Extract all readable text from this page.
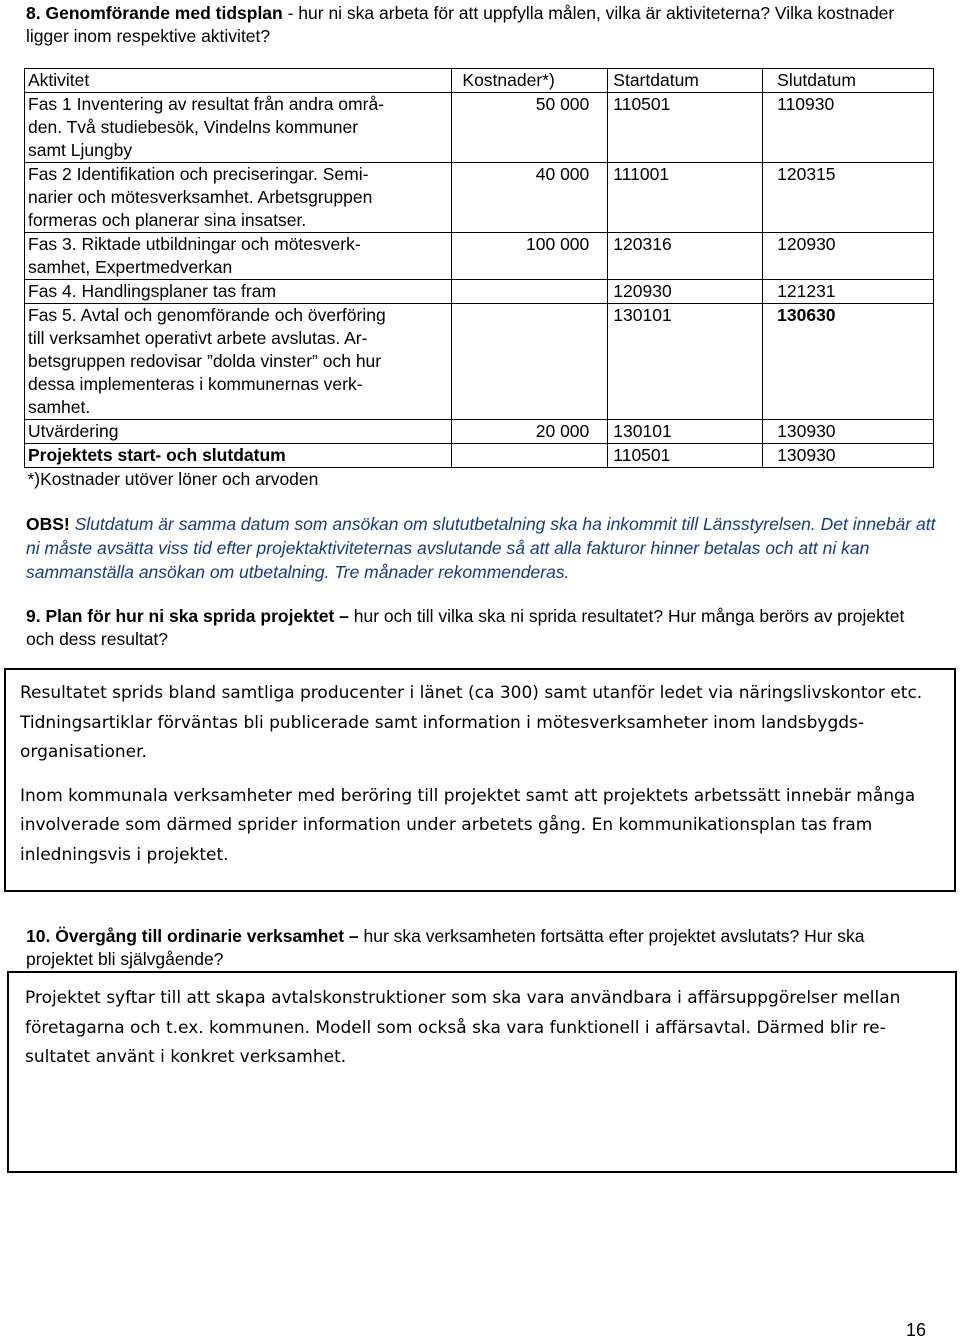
8. Genomförande med tidsplan - hur ni ska arbeta för att uppfylla målen, vilka är aktiviteterna? Vilka kostnader ligger inom respektive aktivitet?

Aktivitet	Kostnader*)	Startdatum	Slutdatum
Fas 1 Inventering av resultat från andra områ-
den. Två studiebesök, Vindelns kommuner
samt Ljungby	50 000	110501	110930
Fas 2 Identifikation och preciseringar. Semi-
narier och mötesverksamhet. Arbetsgruppen
formeras och planerar sina insatser.	40 000	111001	120315
Fas 3. Riktade utbildningar och mötesverk-
samhet, Expertmedverkan	100 000	120316	120930
Fas 4. Handlingsplaner tas fram		120930	121231
Fas 5. Avtal och genomförande och överföring
till verksamhet operativt arbete avslutas. Ar-
betsgruppen redovisar ”dolda vinster” och hur
dessa implementeras i kommunernas verk-
samhet.		130101	130630
Utvärdering	20 000	130101	130930
Projektets start- och slutdatum		110501	130930
*)Kostnader utöver löner och arvoden			

OBS! Slutdatum är samma datum som ansökan om slututbetalning ska ha inkommit till Länsstyrelsen. Det innebär att ni måste avsätta viss tid efter projektaktiviteternas avslutande så att alla fakturor hinner betalas och att ni kan sammanställa ansökan om utbetalning. Tre månader rekommenderas.

9. Plan för hur ni ska sprida projektet – hur och till vilka ska ni sprida resultatet? Hur många berörs av projektet och dess resultat?

Resultatet sprids bland samtliga producenter i länet (ca 300) samt utanför ledet via näringslivskontor etc. Tidningsartiklar förväntas bli publicerade samt information i mötesverksamheter inom landsbygds-organisationer.

Inom kommunala verksamheter med beröring till projektet samt att projektets arbetssätt innebär många involverade som därmed sprider information under arbetets gång. En kommunikationsplan tas fram inledningsvis i projektet.

10. Övergång till ordinarie verksamhet – hur ska verksamheten fortsätta efter projektet avslutats? Hur ska projektet bli självgående?

Projektet syftar till att skapa avtalskonstruktioner som ska vara användbara i affärsuppgörelser mellan företagarna och t.ex. kommunen. Modell som också ska vara funktionell i affärsavtal. Därmed blir re-sultatet använt i konkret verksamhet.

16
